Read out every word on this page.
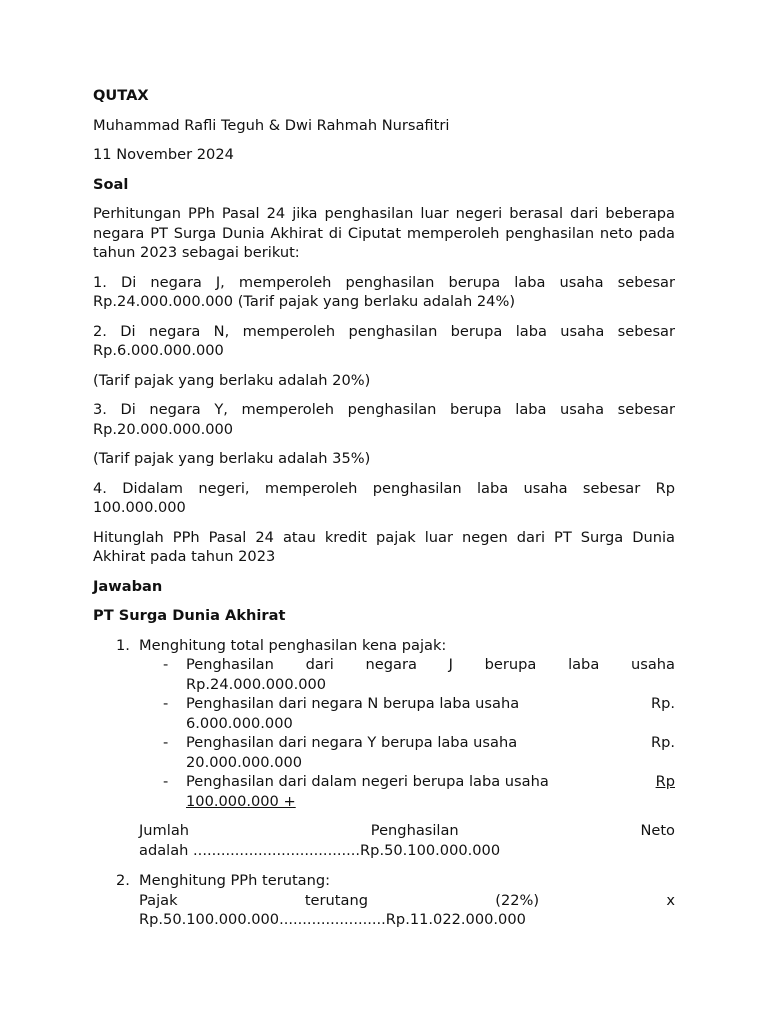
QUTAX

Muhammad Rafli Teguh & Dwi Rahmah Nursafitri

11 November 2024

Soal

Perhitungan PPh Pasal 24 jika penghasilan luar negeri berasal dari beberapa negara PT Surga Dunia Akhirat di Ciputat memperoleh penghasilan neto pada tahun 2023 sebagai berikut:

1. Di negara J, memperoleh penghasilan berupa laba usaha sebesar Rp.24.000.000.000 (Tarif pajak yang berlaku adalah 24%)

2. Di negara N, memperoleh penghasilan berupa laba usaha sebesar Rp.6.000.000.000

(Tarif pajak yang berlaku adalah 20%)

3. Di negara Y, memperoleh penghasilan berupa laba usaha sebesar Rp.20.000.000.000

(Tarif pajak yang berlaku adalah 35%)

4. Didalam negeri, memperoleh penghasilan laba usaha sebesar Rp 100.000.000

Hitunglah PPh Pasal 24 atau kredit pajak luar negen dari PT Surga Dunia Akhirat pada tahun 2023

Jawaban

PT Surga Dunia Akhirat

1. Menghitung total penghasilan kena pajak:
- Penghasilan dari negara J berupa laba usaha
Rp.24.000.000.000
- Penghasilan dari negara N berupa laba usaha	Rp.
6.000.000.000
- Penghasilan dari negara Y berupa laba usaha	Rp.
20.000.000.000
- Penghasilan dari dalam negeri berupa laba usaha	Rp
100.000.000 +
Jumlah	Penghasilan	Neto
adalah ....................................Rp.50.100.000.000
2. Menghitung PPh terutang:
Pajak	terutang	(22%)	x
Rp.50.100.000.000.......................Rp.11.022.000.000
